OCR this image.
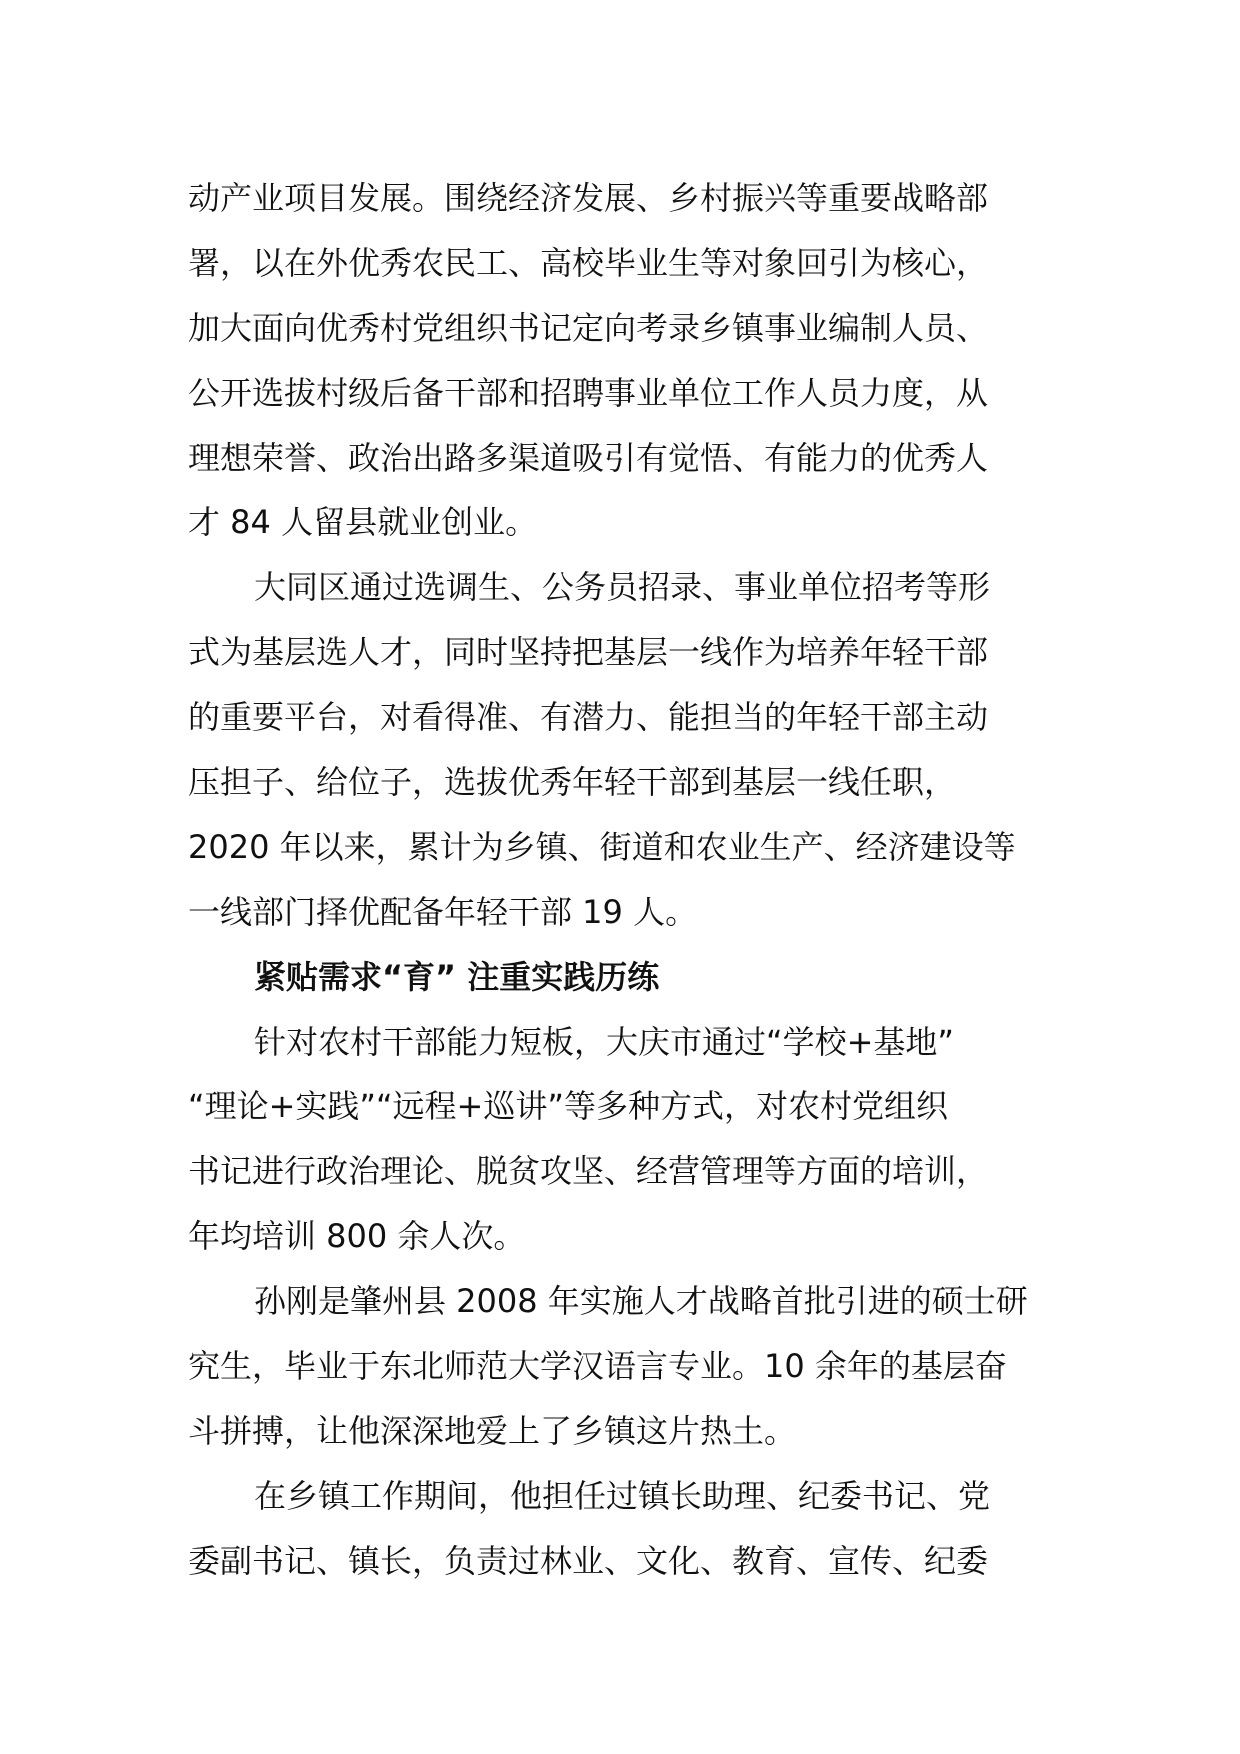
动产业项目发展。围绕经济发展、乡村振兴等重要战略部
署，以在外优秀农民工、高校毕业生等对象回引为核心，
加大面向优秀村党组织书记定向考录乡镇事业编制人员、
公开选拔村级后备干部和招聘事业单位工作人员力度，从
理想荣誉、政治出路多渠道吸引有觉悟、有能力的优秀人
才 84 人留县就业创业。
大同区通过选调生、公务员招录、事业单位招考等形
式为基层选人才，同时坚持把基层一线作为培养年轻干部
的重要平台，对看得准、有潜力、能担当的年轻干部主动
压担子、给位子，选拔优秀年轻干部到基层一线任职，
2020 年以来，累计为乡镇、街道和农业生产、经济建设等
一线部门择优配备年轻干部 19 人。
紧贴需求“育” 注重实践历练
针对农村干部能力短板，大庆市通过“学校+基地”
“理论+实践”“远程+巡讲”等多种方式，对农村党组织
书记进行政治理论、脱贫攻坚、经营管理等方面的培训，
年均培训 800 余人次。
孙刚是肇州县 2008 年实施人才战略首批引进的硕士研
究生，毕业于东北师范大学汉语言专业。10 余年的基层奋
斗拼搏，让他深深地爱上了乡镇这片热土。
在乡镇工作期间，他担任过镇长助理、纪委书记、党
委副书记、镇长，负责过林业、文化、教育、宣传、纪委
